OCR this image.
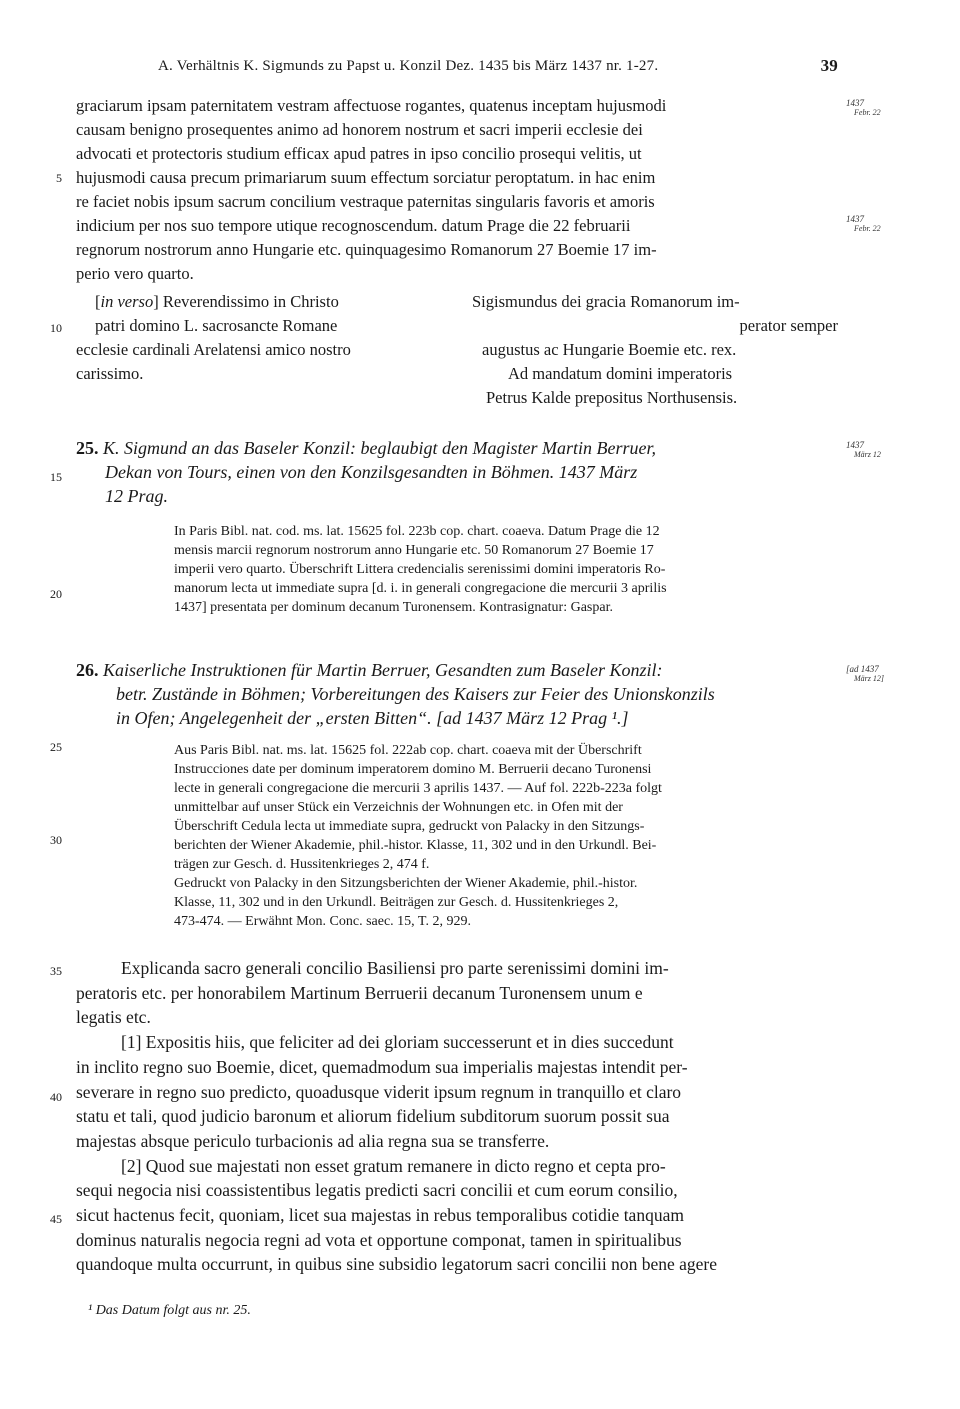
A. Verhältnis K. Sigmunds zu Papst u. Konzil Dez. 1435 bis März 1437 nr. 1-27.	39
5
10
15
20
25
30
35
40
45
1437
Febr. 22
1437
Febr. 22
1437
März 12
[ad 1437
März 12]
graciarum ipsam paternitatem vestram affectuose rogantes, quatenus inceptam hujusmodi
causam benigno prosequentes animo ad honorem nostrum et sacri imperii ecclesie dei
advocati et protectoris studium efficax apud patres in ipso concilio prosequi velitis, ut
hujusmodi causa precum primariarum suum effectum sorciatur peroptatum. in hac enim
re faciet nobis ipsum sacrum concilium vestraque paternitas singularis favoris et amoris
indicium per nos suo tempore utique recognoscendum. datum Prage die 22 februarii
regnorum nostrorum anno Hungarie etc. quinquagesimo Romanorum 27 Boemie 17 im-
perio vero quarto.
[in verso] Reverendissimo in Christo
patri domino L. sacrosancte Romane
ecclesie cardinali Arelatensi amico nostro
carissimo.
Sigismundus dei gracia Romanorum im-
perator semper
augustus ac Hungarie Boemie etc. rex.
Ad mandatum domini imperatoris
Petrus Kalde prepositus Northusensis.
25. K. Sigmund an das Baseler Konzil: beglaubigt den Magister Martin Berruer,
Dekan von Tours, einen von den Konzilsgesandten in Böhmen. 1437 März
12 Prag.
In Paris Bibl. nat. cod. ms. lat. 15625 fol. 223b cop. chart. coaeva. Datum Prage die 12
mensis marcii regnorum nostrorum anno Hungarie etc. 50 Romanorum 27 Boemie 17
imperii vero quarto. Überschrift Littera credencialis serenissimi domini imperatoris Ro-
manorum lecta ut immediate supra [d. i. in generali congregacione die mercurii 3 aprilis
1437] presentata per dominum decanum Turonensem. Kontrasignatur: Gaspar.
26. Kaiserliche Instruktionen für Martin Berruer, Gesandten zum Baseler Konzil:
betr. Zustände in Böhmen; Vorbereitungen des Kaisers zur Feier des Unionskonzils
in Ofen; Angelegenheit der „ersten Bitten“. [ad 1437 März 12 Prag ¹.]
Aus Paris Bibl. nat. ms. lat. 15625 fol. 222ab cop. chart. coaeva mit der Überschrift
Instrucciones date per dominum imperatorem domino M. Berruerii decano Turonensi
lecte in generali congregacione die mercurii 3 aprilis 1437. — Auf fol. 222b-223a folgt
unmittelbar auf unser Stück ein Verzeichnis der Wohnungen etc. in Ofen mit der
Überschrift Cedula lecta ut immediate supra, gedruckt von Palacky in den Sitzungs-
berichten der Wiener Akademie, phil.-histor. Klasse, 11, 302 und in den Urkundl. Bei-
trägen zur Gesch. d. Hussitenkrieges 2, 474 f.
Gedruckt von Palacky in den Sitzungsberichten der Wiener Akademie, phil.-histor.
Klasse, 11, 302 und in den Urkundl. Beiträgen zur Gesch. d. Hussitenkrieges 2,
473-474. — Erwähnt Mon. Conc. saec. 15, T. 2, 929.
Explicanda sacro generali concilio Basiliensi pro parte serenissimi domini im-
peratoris etc. per honorabilem Martinum Berruerii decanum Turonensem unum e
legatis etc.
[1] Expositis hiis, que feliciter ad dei gloriam successerunt et in dies succedunt
in inclito regno suo Boemie, dicet, quemadmodum sua imperialis majestas intendit per-
severare in regno suo predicto, quoadusque viderit ipsum regnum in tranquillo et claro
statu et tali, quod judicio baronum et aliorum fidelium subditorum suorum possit sua
majestas absque periculo turbacionis ad alia regna sua se transferre.
[2] Quod sue majestati non esset gratum remanere in dicto regno et cepta pro-
sequi negocia nisi coassistentibus legatis predicti sacri concilii et cum eorum consilio,
sicut hactenus fecit, quoniam, licet sua majestas in rebus temporalibus cotidie tanquam
dominus naturalis negocia regni ad vota et opportune componat, tamen in spiritualibus
quandoque multa occurrunt, in quibus sine subsidio legatorum sacri concilii non bene agere
¹ Das Datum folgt aus nr. 25.
